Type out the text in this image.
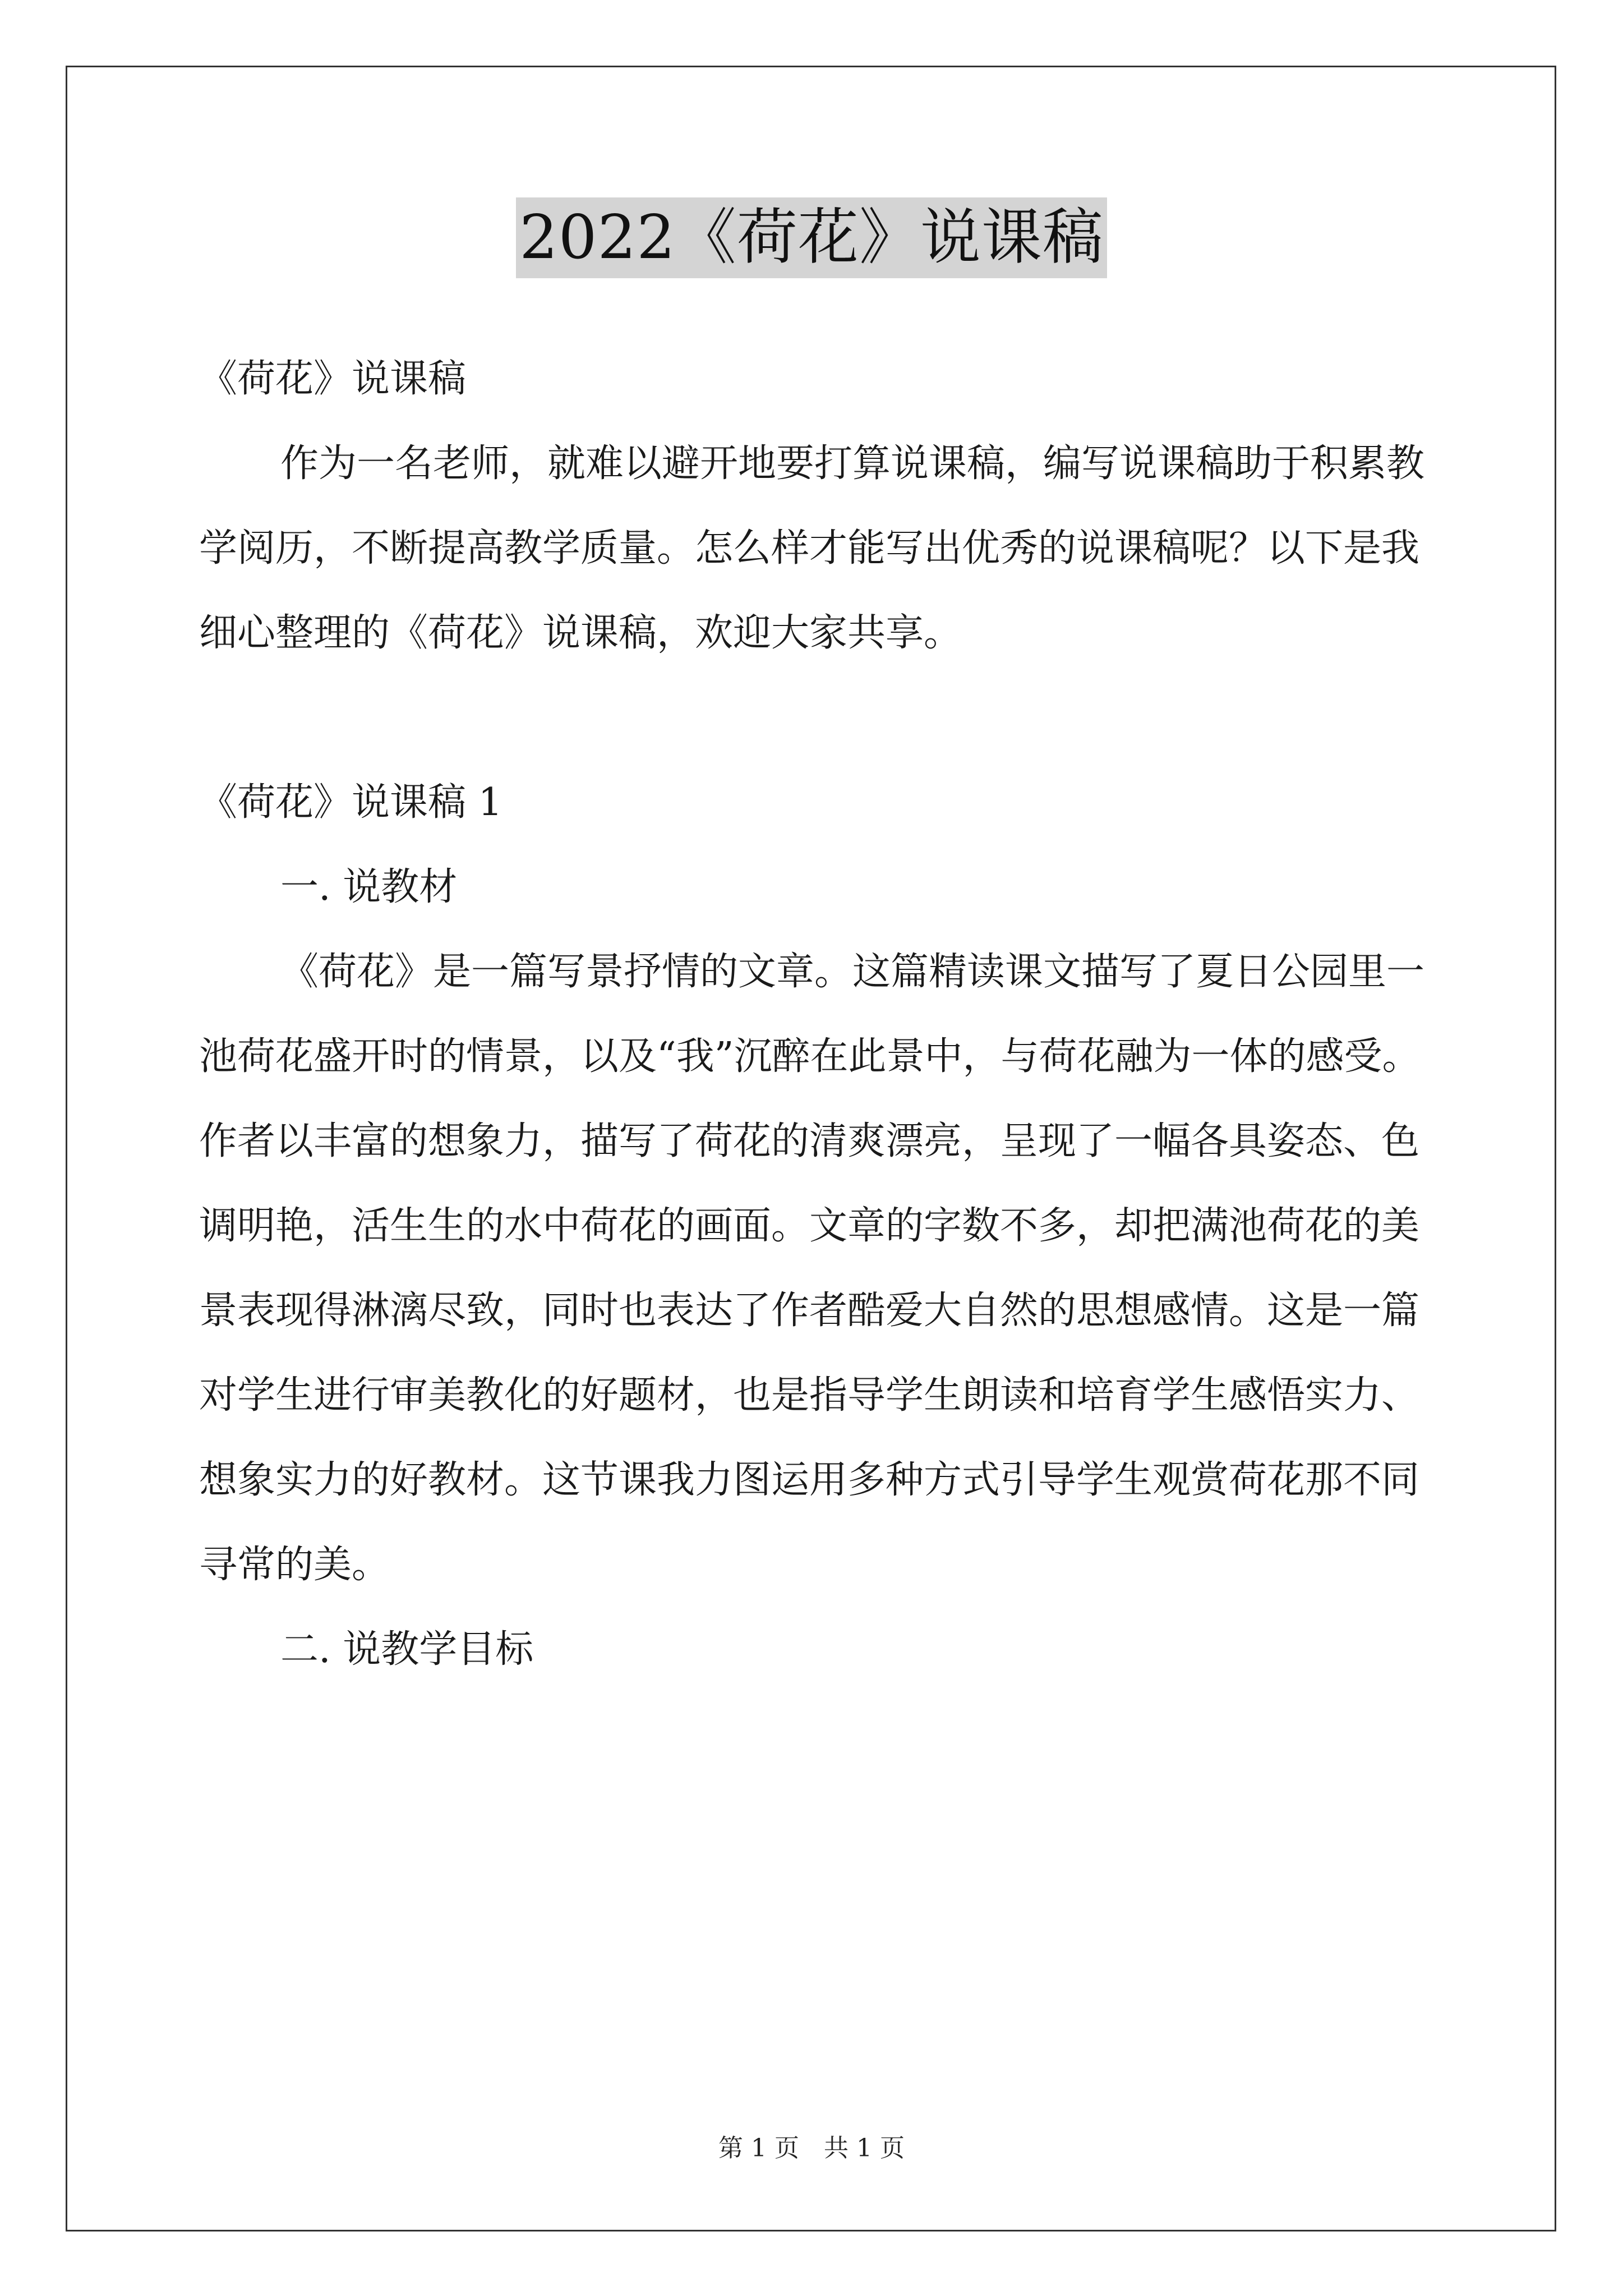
2022《荷花》说课稿

《荷花》说课稿

作为一名老师，就难以避开地要打算说课稿，编写说课稿助于积累教学阅历，不断提高教学质量。怎么样才能写出优秀的说课稿呢？以下是我细心整理的《荷花》说课稿，欢迎大家共享。

《荷花》说课稿 1

一. 说教材

《荷花》是一篇写景抒情的文章。这篇精读课文描写了夏日公园里一池荷花盛开时的情景，以及“我”沉醉在此景中，与荷花融为一体的感受。作者以丰富的想象力，描写了荷花的清爽漂亮，呈现了一幅各具姿态、色调明艳，活生生的水中荷花的画面。文章的字数不多，却把满池荷花的美景表现得淋漓尽致，同时也表达了作者酷爱大自然的思想感情。这是一篇对学生进行审美教化的好题材，也是指导学生朗读和培育学生感悟实力、想象实力的好教材。这节课我力图运用多种方式引导学生观赏荷花那不同寻常的美。

二. 说教学目标

第 1 页　共 1 页
